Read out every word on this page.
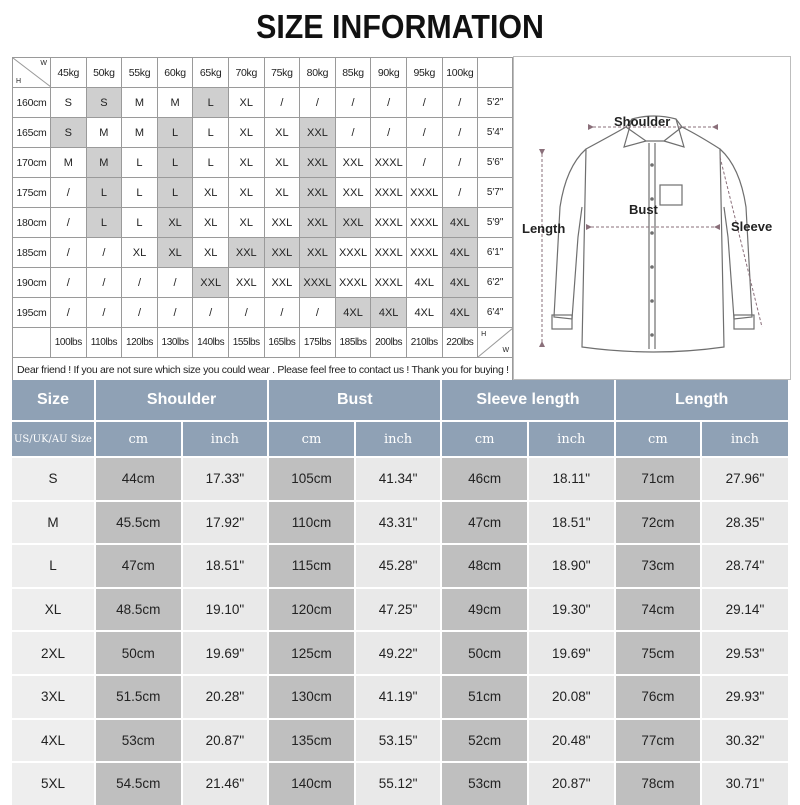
SIZE INFORMATION
H
W	45kg	50kg	55kg	60kg	65kg	70kg	75kg	80kg	85kg	90kg	95kg	100kg	
160cm	S	S	M	M	L	XL	/	/	/	/	/	/	5'2"
165cm	S	M	M	L	L	XL	XL	XXL	/	/	/	/	5'4"
170cm	M	M	L	L	L	XL	XL	XXL	XXL	XXXL	/	/	5'6"
175cm	/	L	L	L	XL	XL	XL	XXL	XXL	XXXL	XXXL	/	5'7"
180cm	/	L	L	XL	XL	XL	XXL	XXL	XXL	XXXL	XXXL	4XL	5'9"
185cm	/	/	XL	XL	XL	XXL	XXL	XXL	XXXL	XXXL	XXXL	4XL	6'1"
190cm	/	/	/	/	XXL	XXL	XXL	XXXL	XXXL	XXXL	4XL	4XL	6'2"
195cm	/	/	/	/	/	/	/	/	4XL	4XL	4XL	4XL	6'4"
	100lbs	110lbs	120lbs	130lbs	140lbs	155lbs	165lbs	175lbs	185lbs	200lbs	210lbs	220lbs	H
W

Dear friend ! If you are not sure which size you could wear . Please feel free to contact us ! Thank you for buying !													
Shoulder
Bust
Length	Sleeve
Size	Shoulder		Bust		Sleeve length		Length	
US/UK/AU Size	cm	inch	cm	inch	cm	inch	cm	inch
S	44cm	17.33"	105cm	41.34"	46cm	18.11"	71cm	27.96"
M	45.5cm	17.92"	110cm	43.31"	47cm	18.51"	72cm	28.35"
L	47cm	18.51"	115cm	45.28"	48cm	18.90"	73cm	28.74"
XL	48.5cm	19.10"	120cm	47.25"	49cm	19.30"	74cm	29.14"
2XL	50cm	19.69"	125cm	49.22"	50cm	19.69"	75cm	29.53"
3XL	51.5cm	20.28"	130cm	41.19"	51cm	20.08"	76cm	29.93"
4XL	53cm	20.87"	135cm	53.15"	52cm	20.48"	77cm	30.32"
5XL	54.5cm	21.46"	140cm	55.12"	53cm	20.87"	78cm	30.71"
